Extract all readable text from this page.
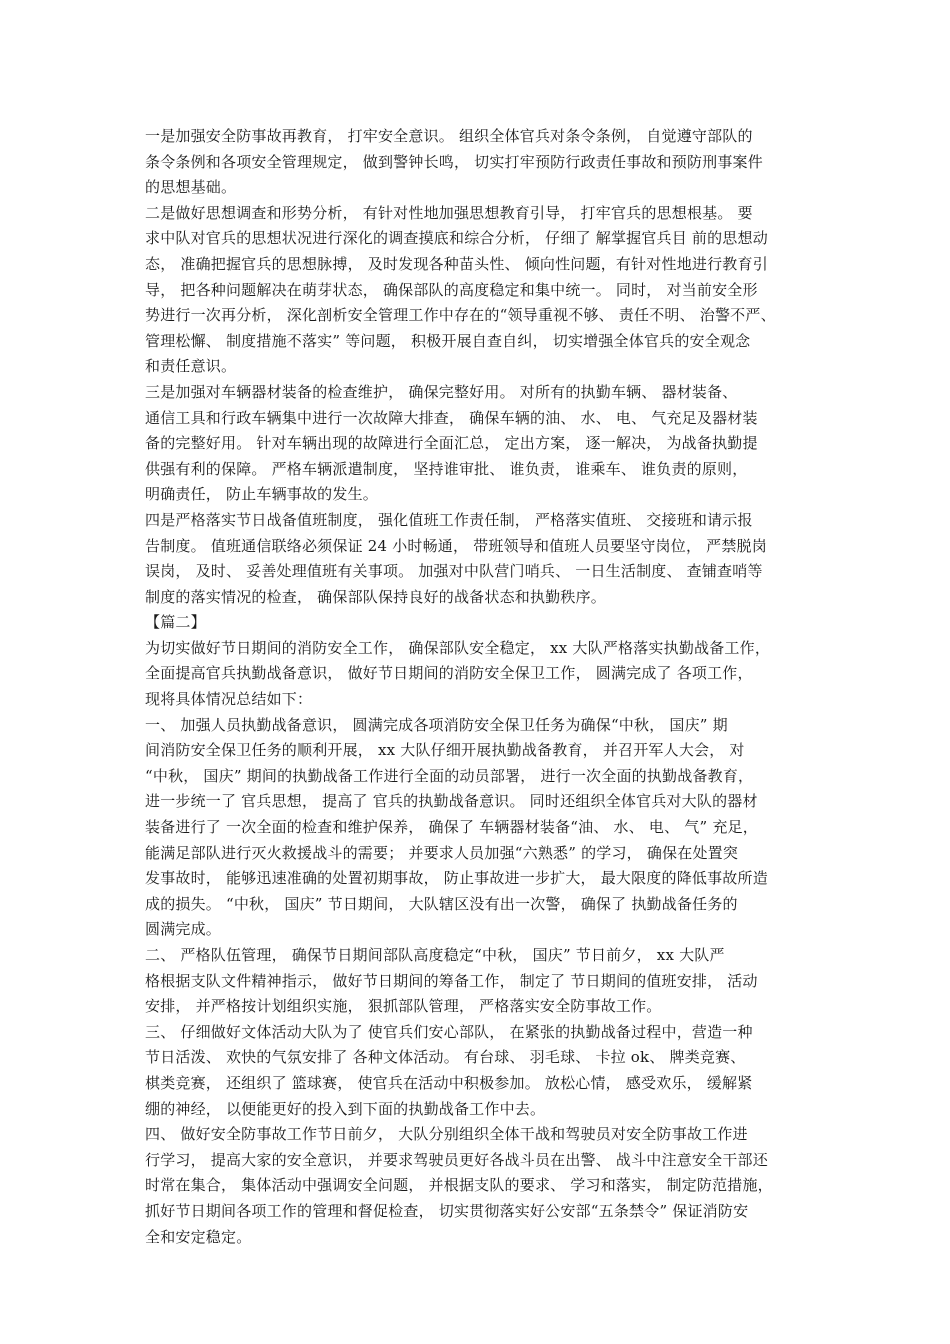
一是加强安全防事故再教育， 打牢安全意识。 组织全体官兵对条令条例， 自觉遵守部队的
条令条例和各项安全管理规定， 做到警钟长鸣， 切实打牢预防行政责任事故和预防刑事案件
的思想基础。

二是做好思想调查和形势分析， 有针对性地加强思想教育引导， 打牢官兵的思想根基。 要
求中队对官兵的思想状况进行深化的调查摸底和综合分析， 仔细了 解掌握官兵目 前的思想动
态， 准确把握官兵的思想脉搏， 及时发现各种苗头性、 倾向性问题，有针对性地进行教育引
导， 把各种问题解决在萌芽状态， 确保部队的高度稳定和集中统一。 同时， 对当前安全形
势进行一次再分析， 深化剖析安全管理工作中存在的“领导重视不够、 责任不明、 治警不严、
管理松懈、 制度措施不落实” 等问题， 积极开展自查自纠， 切实增强全体官兵的安全观念
和责任意识。

三是加强对车辆器材装备的检查维护， 确保完整好用。 对所有的执勤车辆、 器材装备、
通信工具和行政车辆集中进行一次故障大排查， 确保车辆的油、 水、 电、 气充足及器材装
备的完整好用。 针对车辆出现的故障进行全面汇总， 定出方案， 逐一解决， 为战备执勤提
供强有利的保障。 严格车辆派遣制度， 坚持谁审批、 谁负责， 谁乘车、 谁负责的原则，
明确责任， 防止车辆事故的发生。

四是严格落实节日战备值班制度， 强化值班工作责任制， 严格落实值班、 交接班和请示报
告制度。 值班通信联络必须保证 24 小时畅通， 带班领导和值班人员要坚守岗位， 严禁脱岗
误岗， 及时、 妥善处理值班有关事项。 加强对中队营门哨兵、 一日生活制度、 查铺查哨等
制度的落实情况的检查， 确保部队保持良好的战备状态和执勤秩序。

【篇二】

为切实做好节日期间的消防安全工作， 确保部队安全稳定， xx 大队严格落实执勤战备工作，
全面提高官兵执勤战备意识， 做好节日期间的消防安全保卫工作， 圆满完成了 各项工作，
现将具体情况总结如下：

一、 加强人员执勤战备意识， 圆满完成各项消防安全保卫任务为确保“中秋， 国庆” 期
间消防安全保卫任务的顺利开展， xx 大队仔细开展执勤战备教育， 并召开军人大会， 对
“中秋， 国庆” 期间的执勤战备工作进行全面的动员部署， 进行一次全面的执勤战备教育，
进一步统一了 官兵思想， 提高了 官兵的执勤战备意识。 同时还组织全体官兵对大队的器材
装备进行了 一次全面的检查和维护保养， 确保了 车辆器材装备“油、 水、 电、 气” 充足，
能满足部队进行灭火救援战斗的需要； 并要求人员加强“六熟悉” 的学习， 确保在处置突
发事故时， 能够迅速准确的处置初期事故， 防止事故进一步扩大， 最大限度的降低事故所造
成的损失。 “中秋， 国庆” 节日期间， 大队辖区没有出一次警， 确保了 执勤战备任务的
圆满完成。

二、 严格队伍管理， 确保节日期间部队高度稳定“中秋， 国庆” 节日前夕， xx 大队严
格根据支队文件精神指示， 做好节日期间的筹备工作， 制定了 节日期间的值班安排， 活动
安排， 并严格按计划组织实施， 狠抓部队管理， 严格落实安全防事故工作。

三、 仔细做好文体活动大队为了 使官兵们安心部队， 在紧张的执勤战备过程中，营造一种
节日活泼、 欢快的气氛安排了 各种文体活动。 有台球、 羽毛球、 卡拉 ok、 牌类竞赛、
棋类竞赛， 还组织了 篮球赛， 使官兵在活动中积极参加。 放松心情， 感受欢乐， 缓解紧
绷的神经， 以便能更好的投入到下面的执勤战备工作中去。

四、 做好安全防事故工作节日前夕， 大队分别组织全体干战和驾驶员对安全防事故工作进
行学习， 提高大家的安全意识， 并要求驾驶员更好各战斗员在出警、 战斗中注意安全干部还
时常在集合， 集体活动中强调安全问题， 并根据支队的要求、 学习和落实， 制定防范措施，
抓好节日期间各项工作的管理和督促检查， 切实贯彻落实好公安部“五条禁令” 保证消防安
全和安定稳定。
